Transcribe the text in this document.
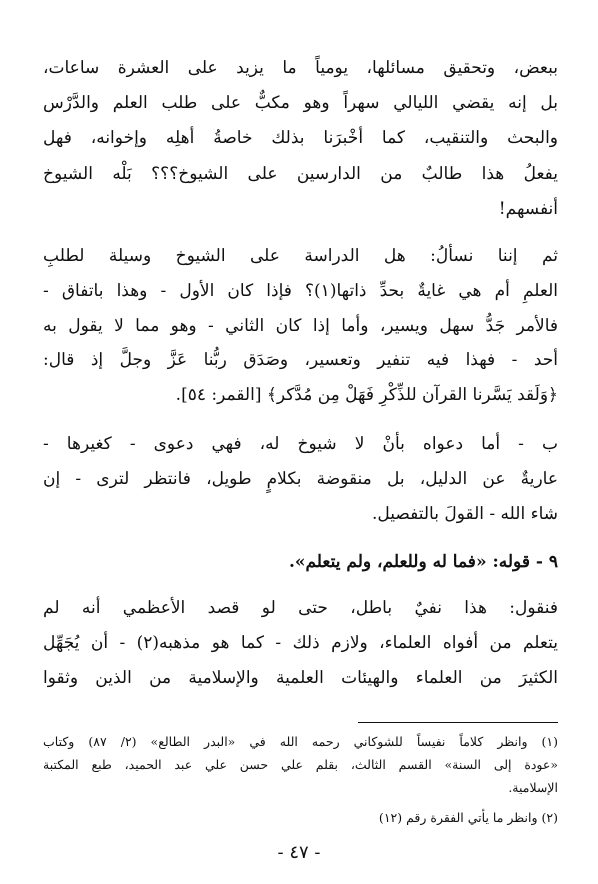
ببعض، وتحقيق مسائلها، يومياً ما يزيد على العشرة ساعات،
بل إنه يقضي الليالي سهراً وهو مكبٌّ على طلب العلم والدَّرْس
والبحث والتنقيب، كما أخْبرَنا بذلك خاصةُ أهلِه وإخوانه، فهل
يفعلُ هذا طالبٌ من الدارسين على الشيوخ؟؟؟ بَلْه الشيوخ
أنفسهم!
ثم إننا نسألُ: هل الدراسة على الشيوخ وسيلة لطلبِ
العلمِ أم هي غايةٌ بحدِّ ذاتها(١)؟ فإذا كان الأول - وهذا باتفاق -
فالأمر جَدُّ سهل ويسير، وأما إذا كان الثاني - وهو مما لا يقول به
أحد - فهذا فيه تنفير وتعسير، وصَدَق ربُّنا عَزَّ وجلَّ إذ قال:
﴿وَلَقد يَسَّرنا القرآن للذِّكْرِ فَهَلْ مِن مُدَّكر﴾ [القمر: ٥٤].
ب - أما دعواه بأنْ لا شيوخ له، فهي دعوى - كغيرها -
عاريةٌ عن الدليل، بل منقوضة بكلامٍ طويل، فانتظر لترى - إن
شاء الله - القولَ بالتفصيل.
٩ - قوله: «فما له وللعلم، ولم يتعلم».
فنقول: هذا نفيٌ باطل، حتى لو قصد الأعظمي أنه لم
يتعلم من أفواه العلماء، ولازم ذلك - كما هو مذهبه(٢) - أن يُجَهِّل
الكثيرَ من العلماء والهيئات العلمية والإسلامية من الذين وثقوا
(١) وانظر كلاماً نفيساً للشوكاني رحمه الله في «البدر الطالع» (٢/ ٨٧) وكتاب
«عودة إلى السنة» القسم الثالث، بقلم علي حسن علي عبد الحميد، طبع المكتبة
الإسلامية.
(٢) وانظر ما يأتي الفقرة رقم (١٢)
- ٤٧ -
